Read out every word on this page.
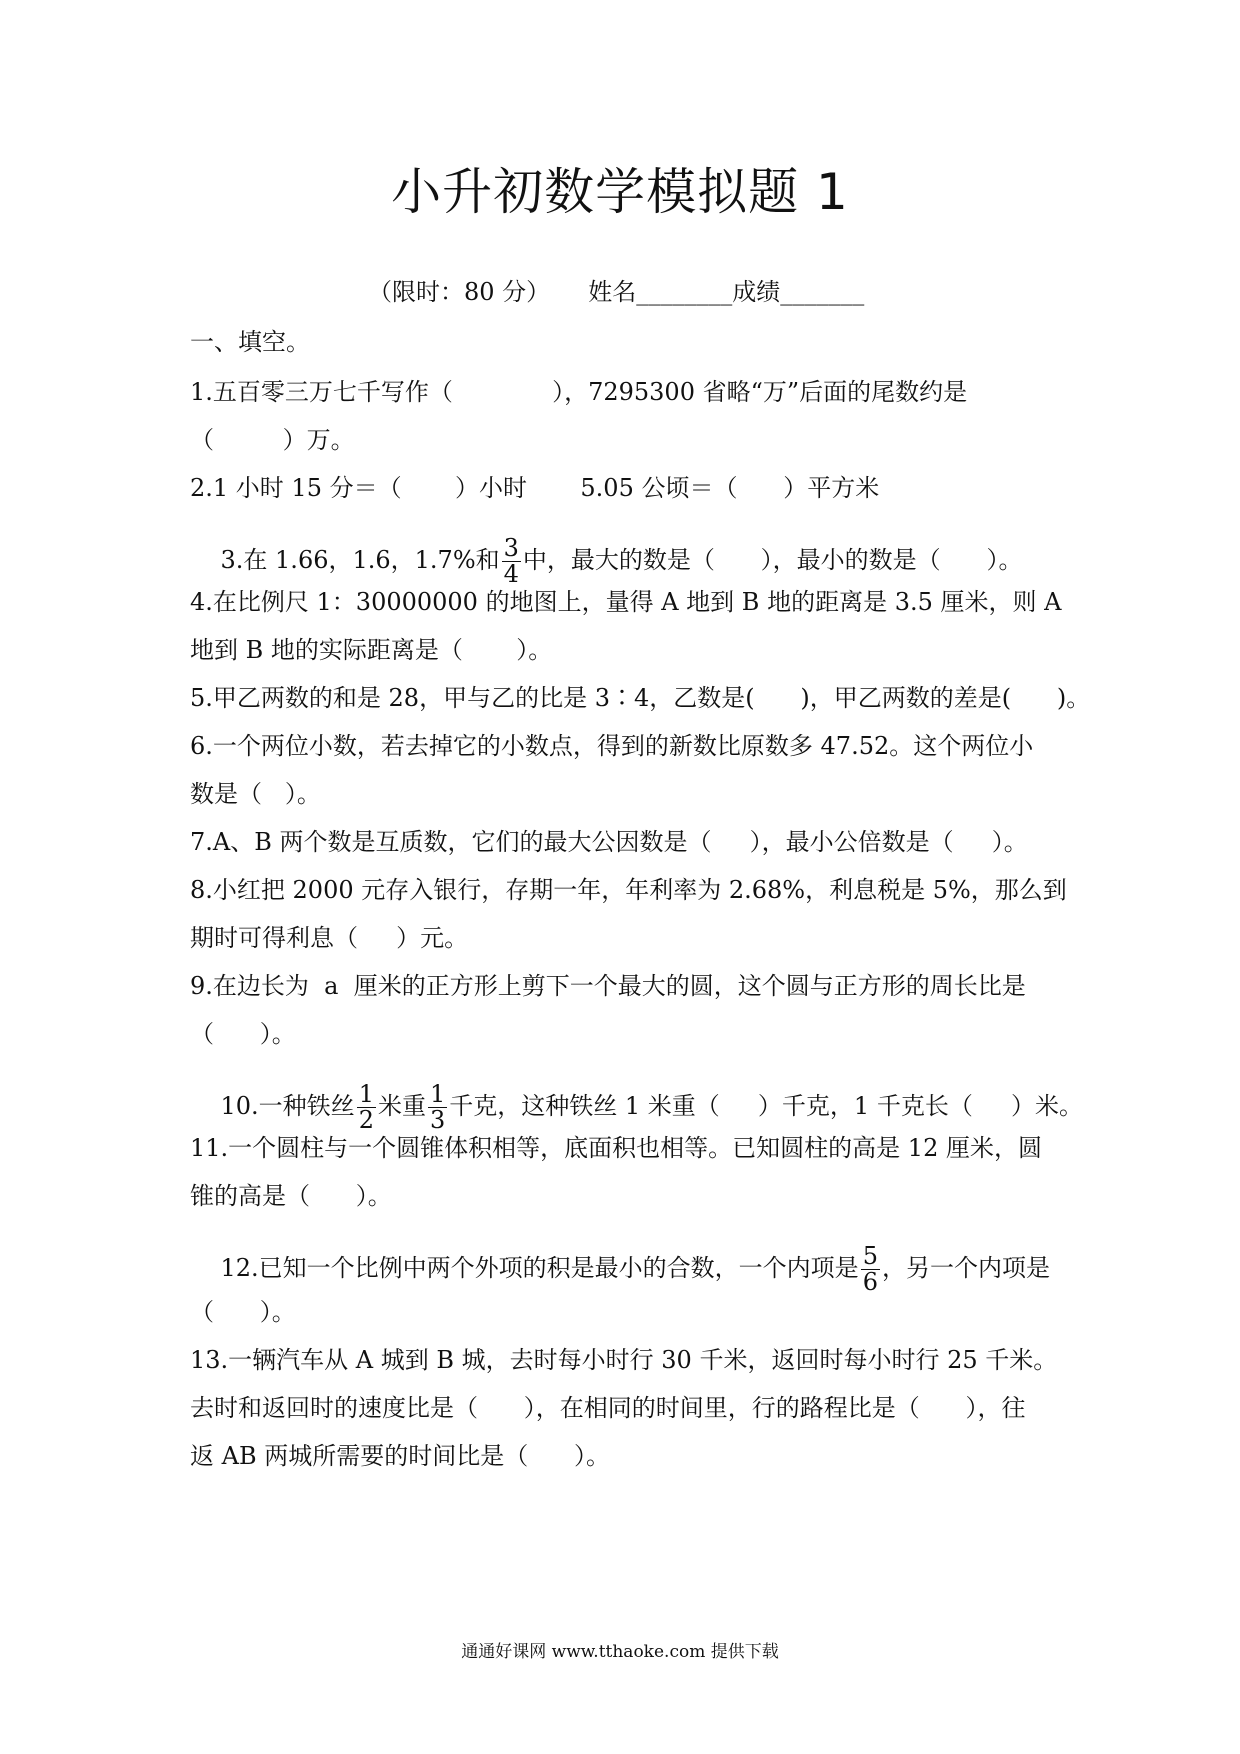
小升初数学模拟题 1
（限时：80 分）     姓名________成绩_______
一、填空。
1.五百零三万七千写作（             ），7295300 省略“万”后面的尾数约是
（         ）万。
2.1 小时 15 分＝（       ）小时       5.05 公顷＝（      ）平方米

3.在 1.66，1.6，1.7%和 $\frac{3}{4}$ 中，最大的数是（      ），最小的数是（      ）。

4.在比例尺 1：30000000 的地图上，量得 A 地到 B 地的距离是 3.5 厘米，则 A
地到 B 地的实际距离是（       ）。
5.甲乙两数的和是 28，甲与乙的比是 3∶4，乙数是(      )，甲乙两数的差是(      )。
6.一个两位小数，若去掉它的小数点，得到的新数比原数多 47.52。这个两位小
数是（   ）。
7.A、B 两个数是互质数，它们的最大公因数是（     ），最小公倍数是（     ）。
8.小红把 2000 元存入银行，存期一年，年利率为 2.68%，利息税是 5%，那么到
期时可得利息（     ）元。
9.在边长为  a  厘米的正方形上剪下一个最大的圆，这个圆与正方形的周长比是
（      ）。

10.一种铁丝 $\frac{1}{2}$ 米重 $\frac{1}{3}$ 千克，这种铁丝 1 米重（     ）千克，1 千克长（     ）米。

11.一个圆柱与一个圆锥体积相等，底面积也相等。已知圆柱的高是 12 厘米，圆
锥的高是（      ）。

12.已知一个比例中两个外项的积是最小的合数，一个内项是 $\frac{5}{6}$ ，另一个内项是

（      ）。
13.一辆汽车从 A 城到 B 城，去时每小时行 30 千米，返回时每小时行 25 千米。
去时和返回时的速度比是（      ），在相同的时间里，行的路程比是（      ），往
返 AB 两城所需要的时间比是（      ）。
通通好课网 www.tthaoke.com 提供下载
